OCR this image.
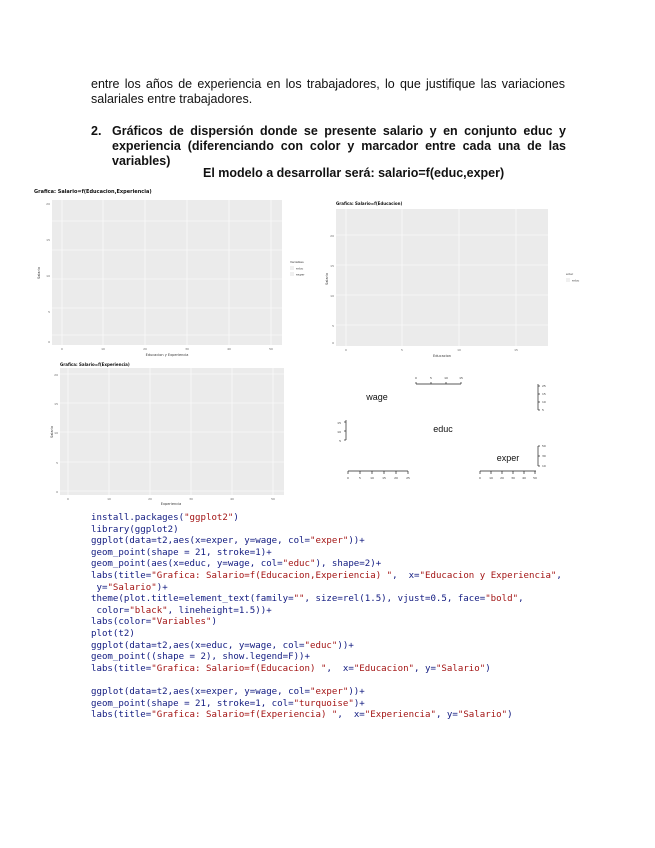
entre los años de experiencia en los trabajadores, lo que justifique las variaciones
salariales entre trabajadores.
2. Gráficos de dispersión donde se presente salario y en conjunto educ y
experiencia (diferenciando con color y marcador entre cada una de las
variables)
El modelo a desarrollar será: salario=f(educ,exper)
Grafica: Salario=f(Educacion,Experiencia)
20
15
10
5
0
0	10	20	30	40	50
Educacion y Experiencia
Salario
Variables
educ
exper
Grafica: Salario=f(Educacion)
20
15
10
5
0
0	5	10	15
Educacion
Salario	educ
educ
Grafica: Salario=f(Experiencia)
20
15
10
5
0
0	10	20	30	40	50
Experiencia
Salario
wage
educ
exper
0	5	10	15
0	5	10	15	20	25	0	10 20 30 40 50
15
10
5
25
15
10
5
50
30
10
install.packages("ggplot2")
library(ggplot2)
ggplot(data=t2,aes(x=exper, y=wage, col="exper"))+
geom_point(shape = 21, stroke=1)+
geom_point(aes(x=educ, y=wage, col="educ"), shape=2)+
labs(title="Grafica: Salario=f(Educacion,Experiencia) ",  x="Educacion y Experiencia",
y="Salario")+
theme(plot.title=element_text(family="", size=rel(1.5), vjust=0.5, face="bold",
color="black", lineheight=1.5))+
labs(color="Variables")
plot(t2)
ggplot(data=t2,aes(x=educ, y=wage, col="educ"))+
geom_point((shape = 2), show.legend=F))+
labs(title="Grafica: Salario=f(Educacion) ",  x="Educacion", y="Salario")
ggplot(data=t2,aes(x=exper, y=wage, col="exper"))+
geom_point(shape = 21, stroke=1, col="turquoise")+
labs(title="Grafica: Salario=f(Experiencia) ",  x="Experiencia", y="Salario")
